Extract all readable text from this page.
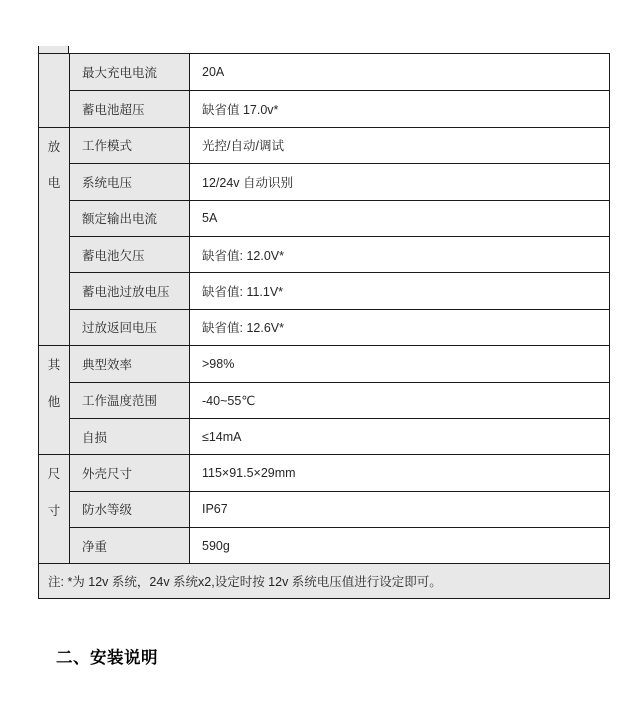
	最大充电电流	20A
	蓄电池超压	缺省值 17.0v*

放
电	工作模式	光控/自动/调试
	系统电压	12/24v 自动识别
	额定输出电流	5A
	蓄电池欠压	缺省值: 12.0V*
	蓄电池过放电压	缺省值: 11.1V*
	过放返回电压	缺省值: 12.6V*

其
他	典型效率	>98%
	工作温度范围	-40~55℃
	自损	≤14mA

尺
寸	外壳尺寸	115×91.5×29mm
	防水等级	IP67
	净重	590g
注: *为 12v 系统，24v 系统x2,设定时按 12v 系统电压值进行设定即可。		
二、安装说明
